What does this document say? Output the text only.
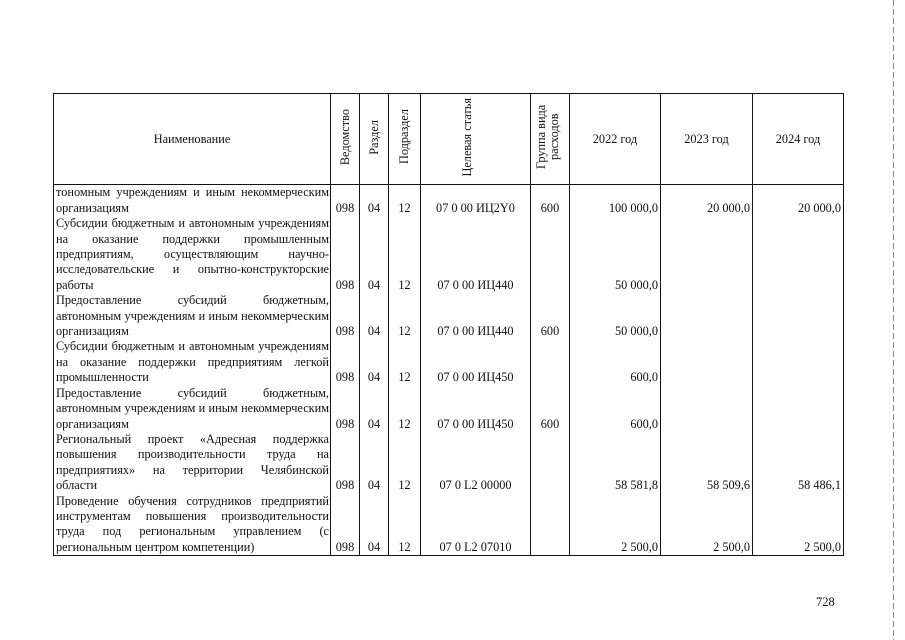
Наименование	Ведомство	Раздел	Подраздел	Целевая статья	Группа вида расходов	2022 год	2023 год	2024 год
тономным учреждениям и иным некоммерческим организациям	098	04	12	07 0 00 ИЦ2Y0	600	100 000,0	20 000,0	20 000,0
Субсидии бюджетным и автономным учреждениям на оказание поддержки промышленным предприятиям, осуществляющим научно-исследовательские и опытно-конструкторские работы	098	04	12	07 0 00 ИЦ440		50 000,0		
Предоставление субсидий бюджетным, автономным учреждениям и иным некоммерческим организациям	098	04	12	07 0 00 ИЦ440	600	50 000,0		
Субсидии бюджетным и автономным учреждениям на оказание поддержки предприятиям легкой промышленности	098	04	12	07 0 00 ИЦ450		600,0		
Предоставление субсидий бюджетным, автономным учреждениям и иным некоммерческим организациям	098	04	12	07 0 00 ИЦ450	600	600,0		
Региональный проект «Адресная поддержка повышения производительности труда на предприятиях» на территории Челябинской области	098	04	12	07 0 L2 00000		58 581,8	58 509,6	58 486,1
Проведение обучения сотрудников предприятий инструментам повышения производительности труда под региональным управлением (с региональным центром компетенции)	098	04	12	07 0 L2 07010		2 500,0	2 500,0	2 500,0
728
